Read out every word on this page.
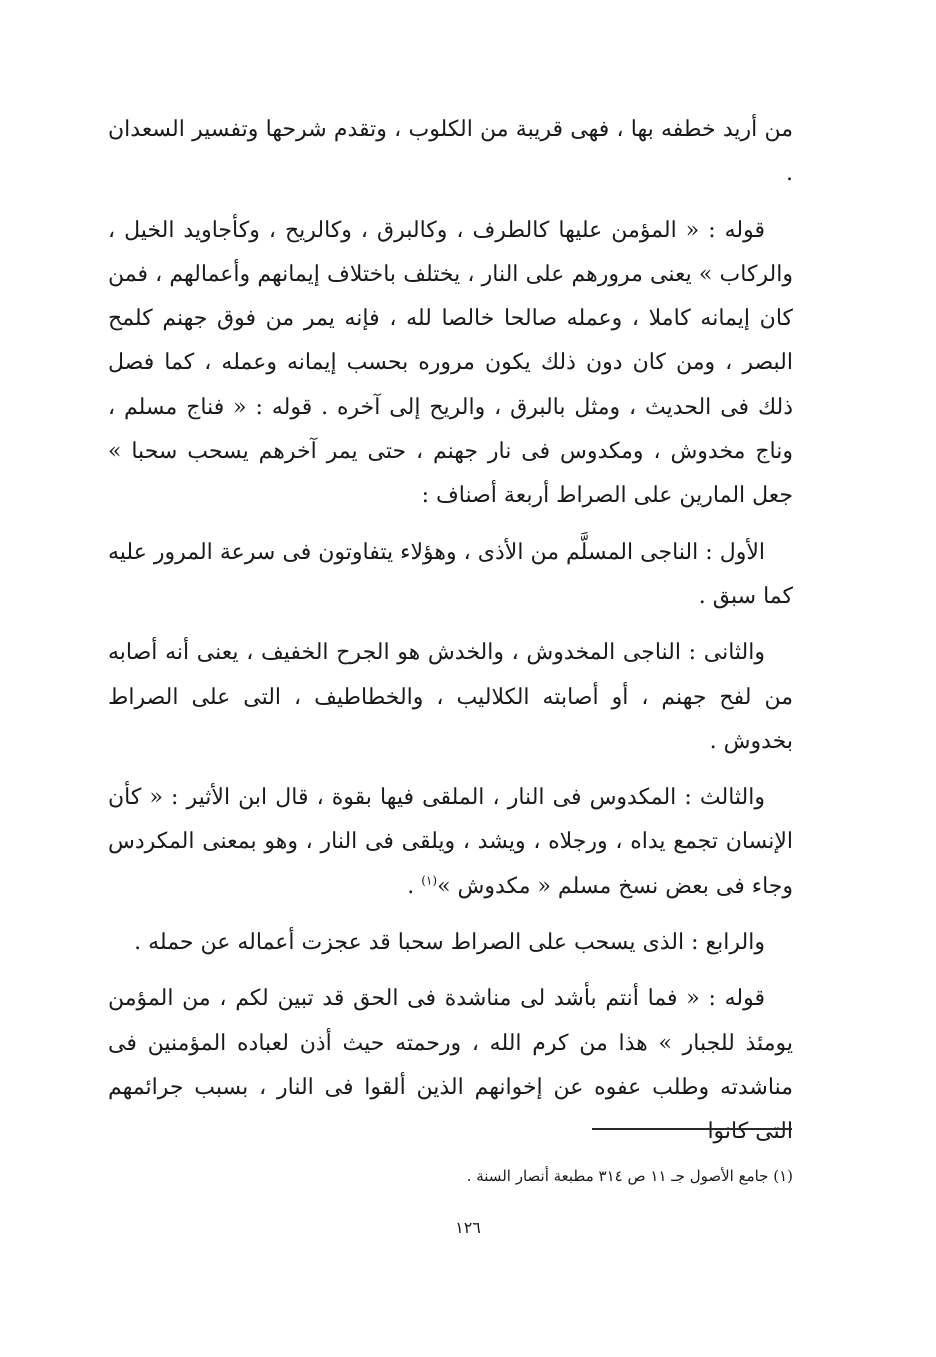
من أريد خطفه بها ، فهى قريبة من الكلوب ، وتقدم شرحها وتفسير السعدان .

قوله : « المؤمن عليها كالطرف ، وكالبرق ، وكالريح ، وكأجاويد الخيل ، والركاب » يعنى مرورهم على النار ، يختلف باختلاف إيمانهم وأعمالهم ، فمن كان إيمانه كاملا ، وعمله صالحا خالصا لله ، فإنه يمر من فوق جهنم كلمح البصر ، ومن كان دون ذلك يكون مروره بحسب إيمانه وعمله ، كما فصل ذلك فى الحديث ، ومثل بالبرق ، والريح إلى آخره . قوله : « فناج مسلم ، وناج مخدوش ، ومكدوس فى نار جهنم ، حتى يمر آخرهم يسحب سحبا » جعل المارين على الصراط أربعة أصناف :

الأول : الناجى المسلَّم من الأذى ، وهؤلاء يتفاوتون فى سرعة المرور عليه كما سبق .

والثانى : الناجى المخدوش ، والخدش هو الجرح الخفيف ، يعنى أنه أصابه من لفح جهنم ، أو أصابته الكلاليب ، والخطاطيف ، التى على الصراط بخدوش .

والثالث : المكدوس فى النار ، الملقى فيها بقوة ، قال ابن الأثير : « كأن الإنسان تجمع يداه ، ورجلاه ، ويشد ، ويلقى فى النار ، وهو بمعنى المكردس وجاء فى بعض نسخ مسلم « مكدوش »$^{(١)}$ .

والرابع : الذى يسحب على الصراط سحبا قد عجزت أعماله عن حمله .

قوله : « فما أنتم بأشد لى مناشدة فى الحق قد تبين لكم ، من المؤمن يومئذ للجبار » هذا من كرم الله ، ورحمته حيث أذن لعباده المؤمنين فى مناشدته وطلب عفوه عن إخوانهم الذين ألقوا فى النار ، بسبب جرائمهم التى كانوا

(١) جامع الأصول جـ ١١ ص ٣١٤ مطبعة أنصار السنة .
١٢٦
